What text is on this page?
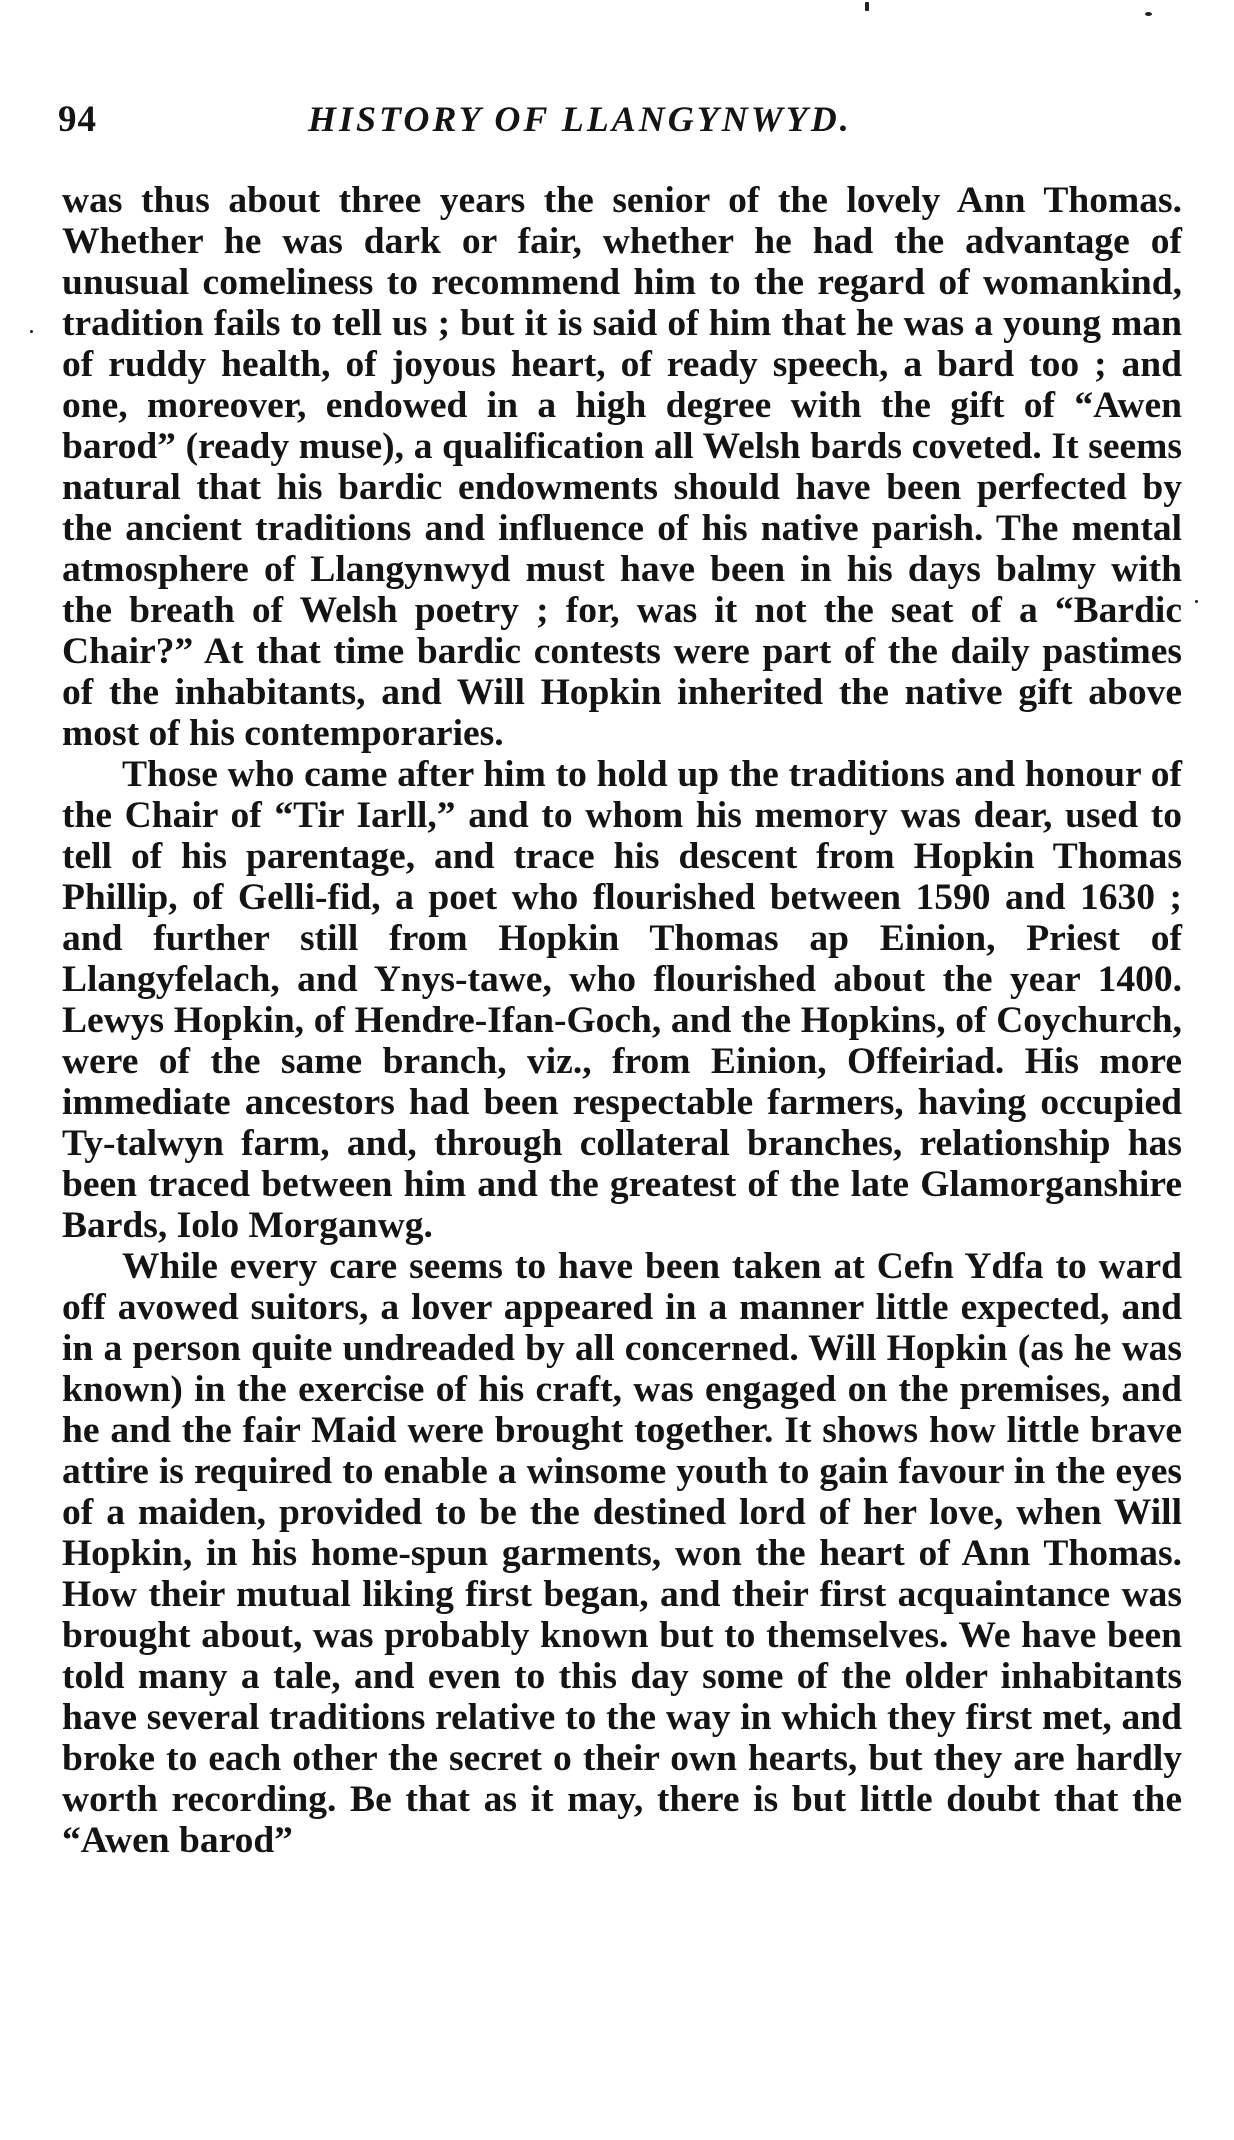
94	HISTORY OF LLANGYNWYD.

was thus about three years the senior of the lovely Ann Thomas. Whether he was dark or fair, whether he had the advantage of unusual comeliness to recommend him to the regard of womankind, tradition fails to tell us ; but it is said of him that he was a young man of ruddy health, of joyous heart, of ready speech, a bard too ; and one, moreover, endowed in a high degree with the gift of “Awen barod” (ready muse), a qualification all Welsh bards coveted. It seems natural that his bardic endowments should have been perfected by the ancient traditions and influence of his native parish. The mental atmosphere of Llangynwyd must have been in his days balmy with the breath of Welsh poetry ; for, was it not the seat of a “Bardic Chair?” At that time bardic contests were part of the daily pastimes of the inhabitants, and Will Hopkin inherited the native gift above most of his contemporaries.

Those who came after him to hold up the traditions and honour of the Chair of “Tir Iarll,” and to whom his memory was dear, used to tell of his parentage, and trace his descent from Hopkin Thomas Phillip, of Gelli-fid, a poet who flourished between 1590 and 1630 ; and further still from Hopkin Thomas ap Einion, Priest of Llangyfelach, and Ynys-tawe, who flourished about the year 1400. Lewys Hopkin, of Hendre-Ifan-Goch, and the Hopkins, of Coychurch, were of the same branch, viz., from Einion, Offeiriad. His more immediate ancestors had been respectable farmers, having occupied Ty-talwyn farm, and, through collateral branches, relationship has been traced between him and the greatest of the late Glamorganshire Bards, Iolo Morganwg.

While every care seems to have been taken at Cefn Ydfa to ward off avowed suitors, a lover appeared in a manner little expected, and in a person quite undreaded by all concerned. Will Hopkin (as he was known) in the exercise of his craft, was engaged on the premises, and he and the fair Maid were brought together. It shows how little brave attire is required to enable a winsome youth to gain favour in the eyes of a maiden, provided to be the destined lord of her love, when Will Hopkin, in his home-spun garments, won the heart of Ann Thomas. How their mutual liking first began, and their first acquaintance was brought about, was probably known but to themselves. We have been told many a tale, and even to this day some of the older inhabitants have several traditions relative to the way in which they first met, and broke to each other the secret o their own hearts, but they are hardly worth recording. Be that as it may, there is but little doubt that the “Awen barod”
